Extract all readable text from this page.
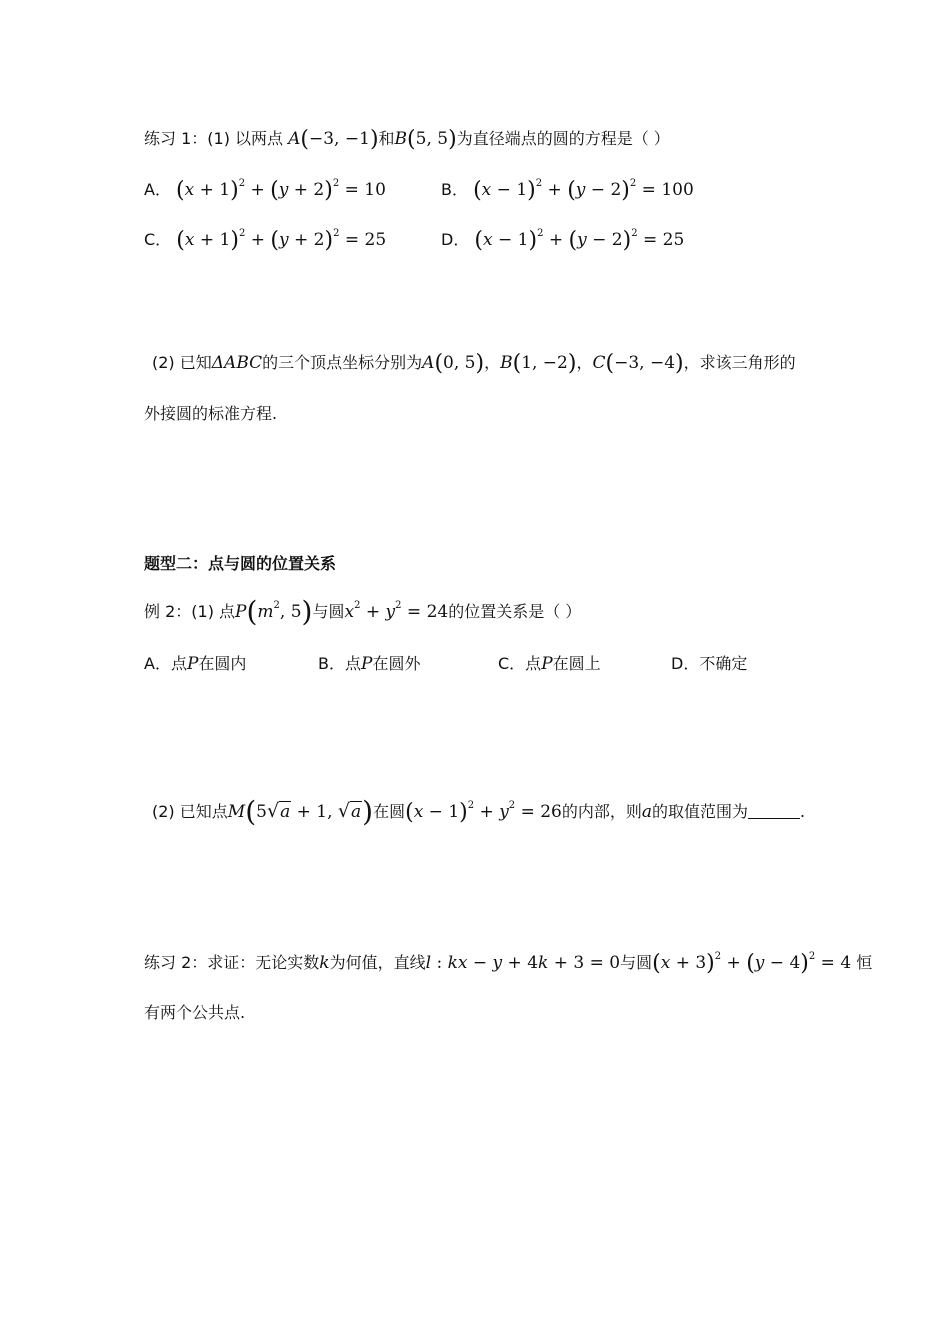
练习 1：(1) 以两点 A(−3, −1)和B(5, 5)为直径端点的圆的方程是（ ）
A． $(x + 1)^2 + (y + 2)^2 = 10$	B． $(x - 1)^2 + (y - 2)^2 = 100$
C． $(x + 1)^2 + (y + 2)^2 = 25$	D． $(x - 1)^2 + (y - 2)^2 = 25$
(2) 已知ΔABC的三个顶点坐标分别为A(0, 5)，B(1, −2)，C(−3, −4)，求该三角形的
外接圆的标准方程.
题型二：点与圆的位置关系
例 2：(1) 点$P(m^2$, 5)与圆$x^2 + y^2 = 24$的位置关系是（ ）
A．点P在圆内	B．点P在圆外	C．点P在圆上	D．不确定
(2) 已知点M(5√a + 1, √a)在圆$(x - 1)^2 + y^2 = 26$的内部，则a的取值范围为	.
练习 2：求证：无论实数k为何值，直线l : kx − y + 4k + 3 = 0与圆$(x + 3)^2 + (y - 4)^2 = 4$ 恒
有两个公共点.
